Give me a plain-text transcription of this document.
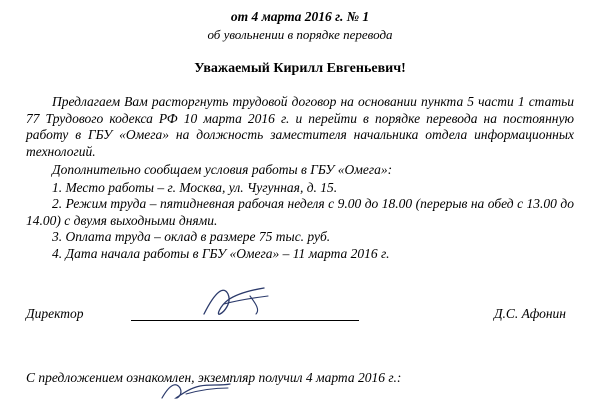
от 4 марта 2016 г. № 1
об увольнении в порядке перевода
Уважаемый Кирилл Евгеньевич!
Предлагаем Вам расторгнуть трудовой договор на основании пункта 5 части 1 статьи 77 Трудового кодекса РФ 10 марта 2016 г. и перейти в порядке перевода на постоянную работу в ГБУ «Омега» на должность заместителя начальника отдела информационных технологий.
Дополнительно сообщаем условия работы в ГБУ «Омега»:
1. Место работы – г. Москва, ул. Чугунная, д. 15.
2. Режим труда – пятидневная рабочая неделя с 9.00 до 18.00 (перерыв на обед с 13.00 до 14.00) с двумя выходными днями.
3. Оплата труда – оклад в размере 75 тыс. руб.
4. Дата начала работы в ГБУ «Омега» – 11 марта 2016 г.
Директор	Д.С. Афонин
С предложением ознакомлен, экземпляр получил 4 марта 2016 г.:
